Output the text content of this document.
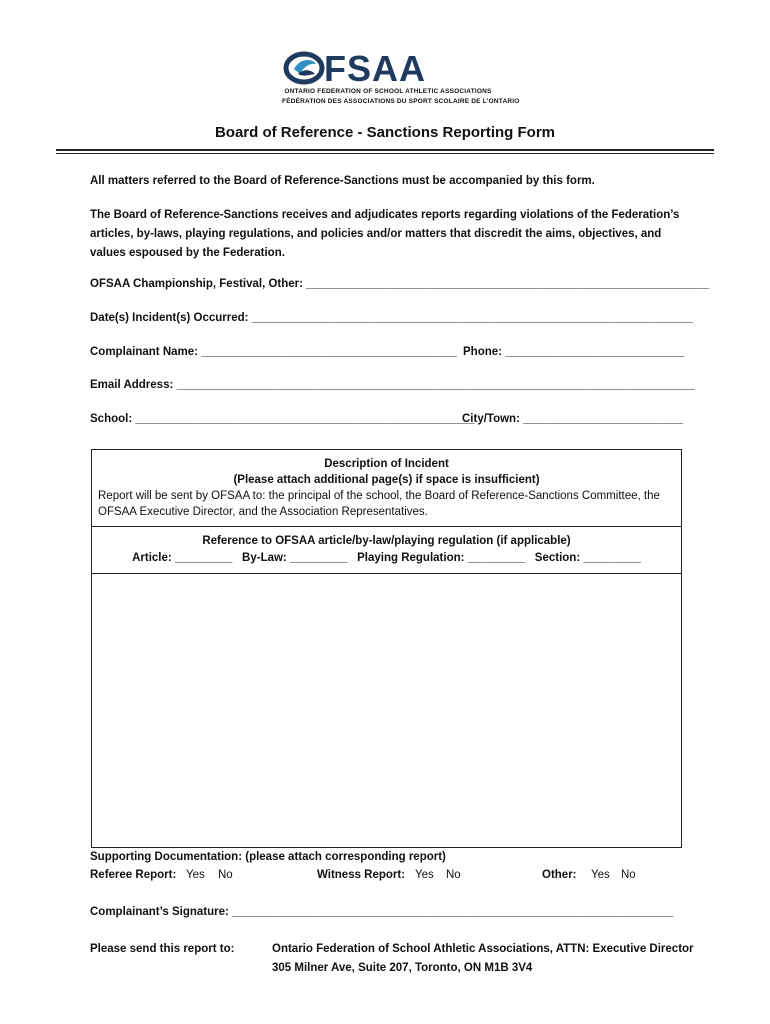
FSAA
ONTARIO FEDERATION OF SCHOOL ATHLETIC ASSOCIATIONS
FÉDÉRATION DES ASSOCIATIONS DU SPORT SCOLAIRE DE L'ONTARIO
Board of Reference - Sanctions Reporting Form
All matters referred to the Board of Reference-Sanctions must be accompanied by this form.
The Board of Reference-Sanctions receives and adjudicates reports regarding violations of the Federation’s articles, by-laws, playing regulations, and policies and/or matters that discredit the aims, objectives, and values espoused by the Federation.
OFSAA Championship, Festival, Other: _______________________________________________________________
Date(s) Incident(s) Occurred: _____________________________________________________________________
Complainant Name: ________________________________________ Phone: ____________________________
Email Address: _________________________________________________________________________________
School: _____________________________________________________
City/Town: _________________________
Description of Incident
(Please attach additional page(s) if space is insufficient)
Report will be sent by OFSAA to: the principal of the school, the Board of Reference-Sanctions Committee, the
OFSAA Executive Director, and the Association Representatives.
Reference to OFSAA article/by-law/playing regulation (if applicable)
Article: _________   By-Law: _________   Playing Regulation: _________   Section: _________
Supporting Documentation: (please attach corresponding report)
Referee Report: Yes No	Witness Report: Yes No	Other: Yes No
Complainant’s Signature: _____________________________________________________________________
Please send this report to:	Ontario Federation of School Athletic Associations, ATTN: Executive Director
305 Milner Ave, Suite 207, Toronto, ON M1B 3V4
